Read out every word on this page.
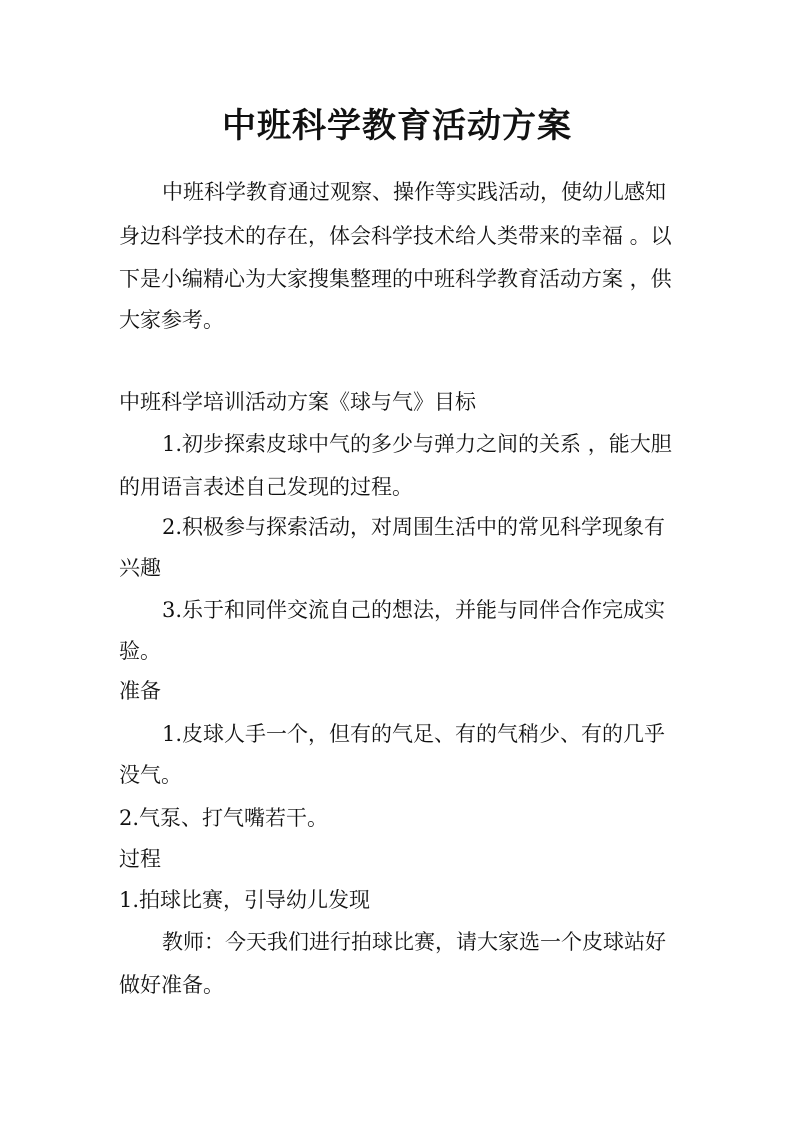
中班科学教育活动方案
中班科学教育通过观察、操作等实践活动，使幼儿感知
身边科学技术的存在，体会科学技术给人类带来的幸福 。以
下是小编精心为大家搜集整理的中班科学教育活动方案 ，供
大家参考。
中班科学培训活动方案《球与气》目标
1.初步探索皮球中气的多少与弹力之间的关系 ，能大胆
的用语言表述自己发现的过程。
2.积极参与探索活动，对周围生活中的常见科学现象有
兴趣
3.乐于和同伴交流自己的想法，并能与同伴合作完成实
验。
准备
1.皮球人手一个，但有的气足、有的气稍少、有的几乎
没气。
2.气泵、打气嘴若干。
过程
1.拍球比赛，引导幼儿发现
教师：今天我们进行拍球比赛，请大家选一个皮球站好
做好准备。
